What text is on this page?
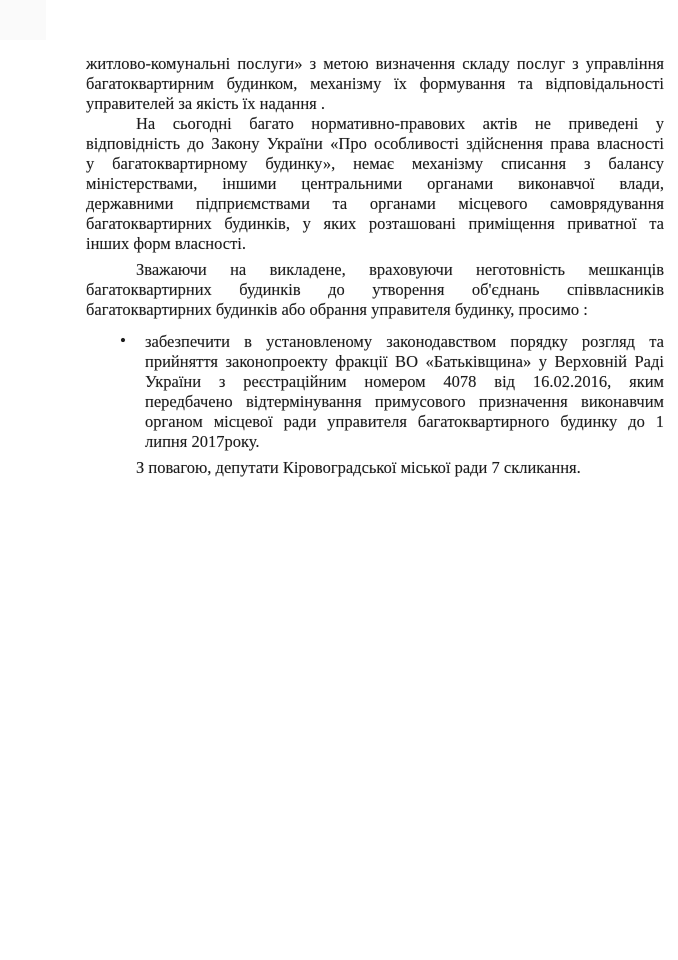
житлово-комунальні послуги» з метою визначення складу послуг з управління
багатоквартирним будинком, механізму їх формування та відповідальності
управителей за якість їх надання .
На сьогодні багато нормативно-правових актів не приведені у
відповідність до Закону України «Про особливості здійснення права власності
у багатоквартирному будинку», немає механізму списання з балансу
міністерствами, іншими центральними органами виконавчої влади,
державними підприємствами та органами місцевого самоврядування
багатоквартирних будинків, у яких розташовані приміщення приватної та
інших форм власності.
Зважаючи на викладене, враховуючи неготовність мешканців
багатоквартирних будинків до утворення об'єднань співвласників
багатоквартирних будинків або обрання управителя будинку, просимо :
• забезпечити в установленому законодавством порядку розгляд та
прийняття законопроекту фракції ВО «Батьківщина» у Верховній Раді
України з реєстраційним номером 4078 від 16.02.2016, яким
передбачено відтермінування примусового призначення виконавчим
органом місцевої ради управителя багатоквартирного будинку до 1
липня 2017року.
З повагою, депутати Кіровоградської міської ради 7 скликання.
